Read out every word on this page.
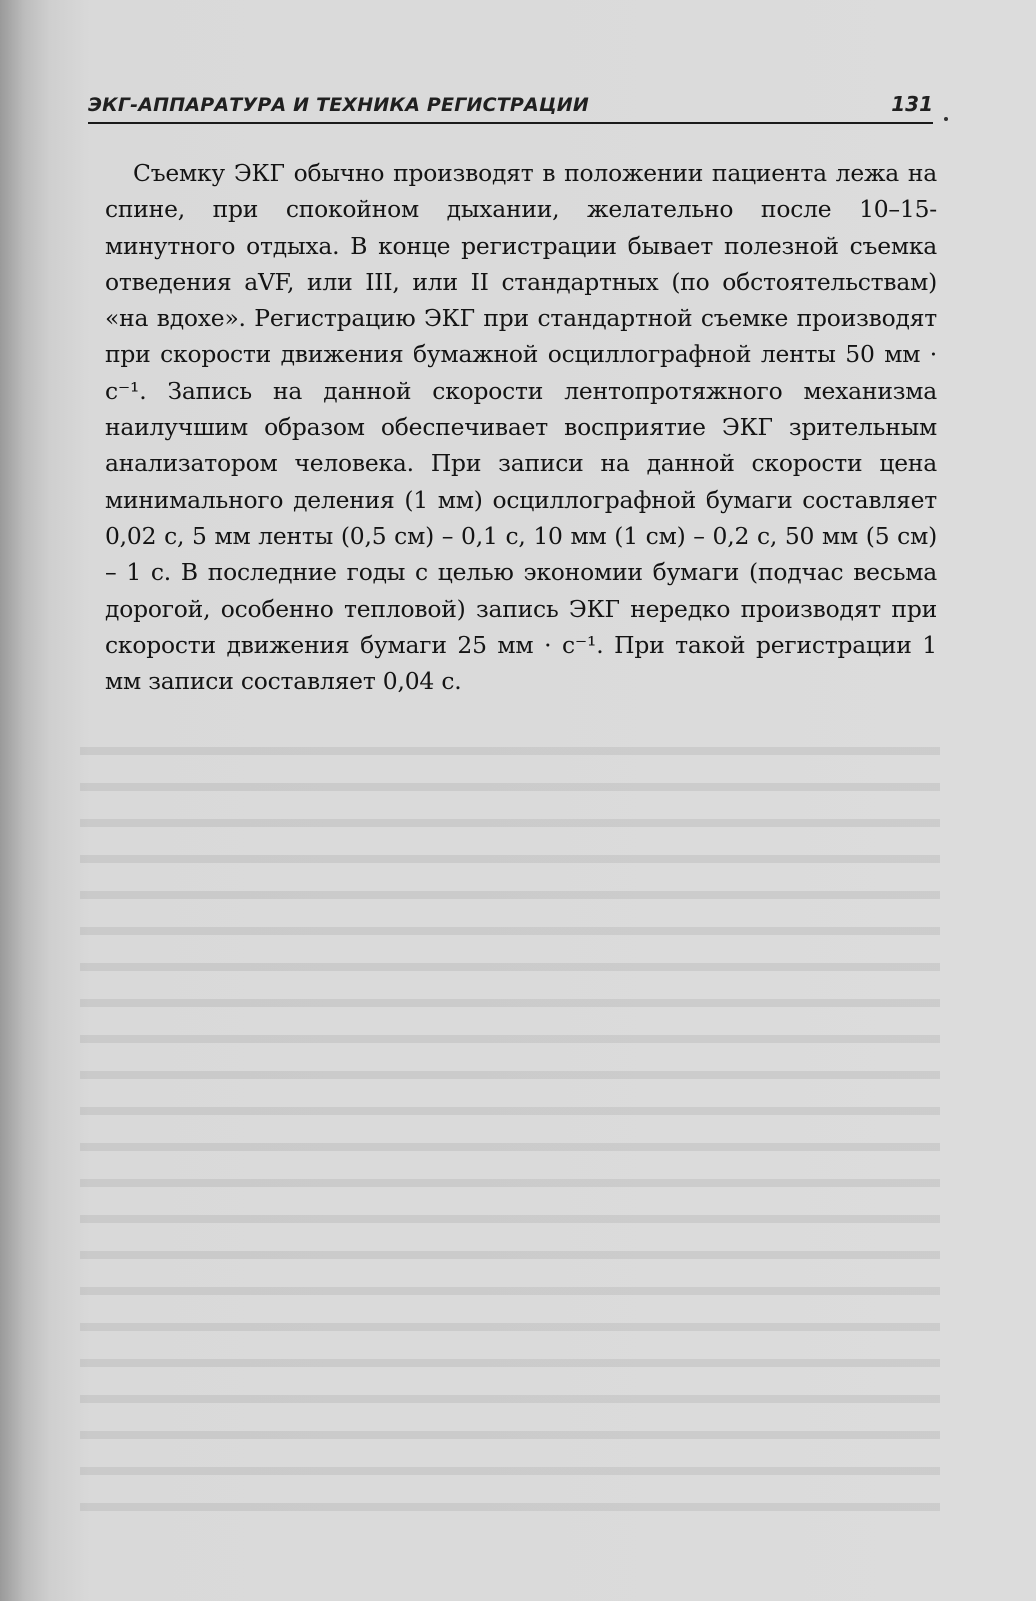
ЭКГ-АППАРАТУРА И ТЕХНИКА РЕГИСТРАЦИИ	131

Съемку ЭКГ обычно производят в положении пациента лежа на спине, при спокойном дыхании, желательно после 10–15-минутного отдыха. В конце регистрации бывает полезной съемка отведения aVF, или III, или II стандартных (по обстоятельствам) «на вдохе». Регистрацию ЭКГ при стандартной съемке производят при скорости движения бумажной осциллографной ленты 50 мм · с⁻¹. Запись на данной скорости лентопротяжного механизма наилучшим образом обеспечивает восприятие ЭКГ зрительным анализатором человека. При записи на данной скорости цена минимального деления (1 мм) осциллографной бумаги составляет 0,02 с, 5 мм ленты (0,5 см) – 0,1 с, 10 мм (1 см) – 0,2 с, 50 мм (5 см) – 1 с. В последние годы с целью экономии бумаги (подчас весьма дорогой, особенно тепловой) запись ЭКГ нередко производят при скорости движения бумаги 25 мм · с⁻¹. При такой регистрации 1 мм записи составляет 0,04 с.
